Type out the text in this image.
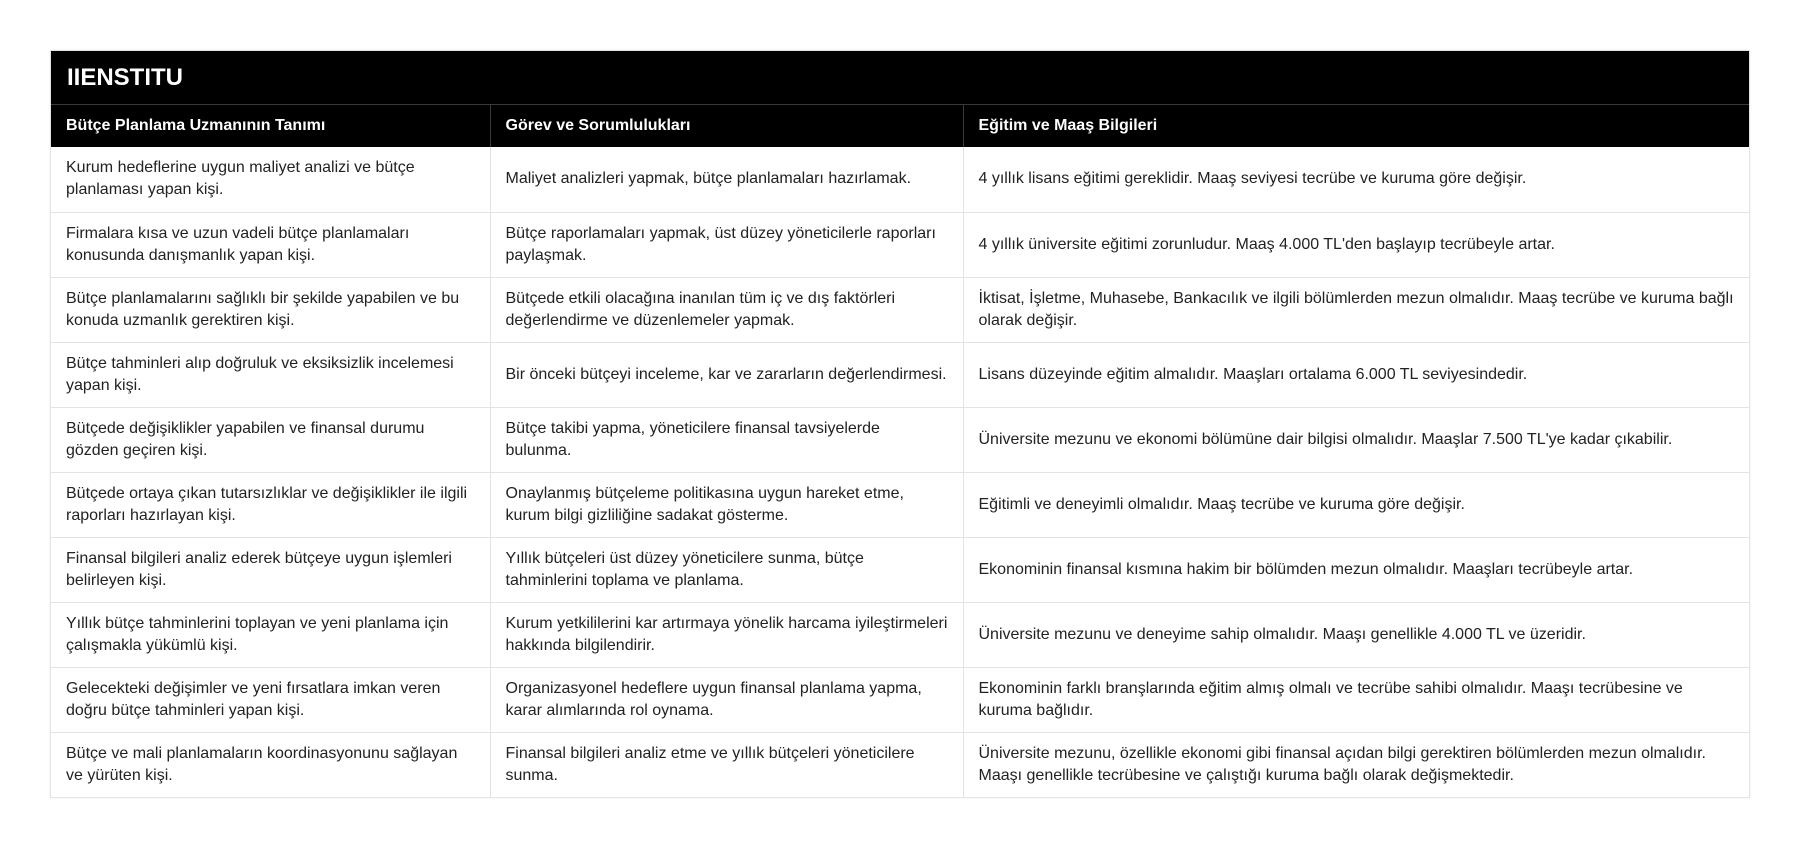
IIENSTITU
Bütçe Planlama Uzmanının Tanımı	Görev ve Sorumlulukları	Eğitim ve Maaş Bilgileri
Kurum hedeflerine uygun maliyet analizi ve bütçe planlaması yapan kişi.	Maliyet analizleri yapmak, bütçe planlamaları hazırlamak.	4 yıllık lisans eğitimi gereklidir. Maaş seviyesi tecrübe ve kuruma göre değişir.
Firmalara kısa ve uzun vadeli bütçe planlamaları konusunda danışmanlık yapan kişi.	Bütçe raporlamaları yapmak, üst düzey yöneticilerle raporları paylaşmak.	4 yıllık üniversite eğitimi zorunludur. Maaş 4.000 TL'den başlayıp tecrübeyle artar.
Bütçe planlamalarını sağlıklı bir şekilde yapabilen ve bu konuda uzmanlık gerektiren kişi.	Bütçede etkili olacağına inanılan tüm iç ve dış faktörleri değerlendirme ve düzenlemeler yapmak.	İktisat, İşletme, Muhasebe, Bankacılık ve ilgili bölümlerden mezun olmalıdır. Maaş tecrübe ve kuruma bağlı olarak değişir.
Bütçe tahminleri alıp doğruluk ve eksiksizlik incelemesi yapan kişi.	Bir önceki bütçeyi inceleme, kar ve zararların değerlendirmesi.	Lisans düzeyinde eğitim almalıdır. Maaşları ortalama 6.000 TL seviyesindedir.
Bütçede değişiklikler yapabilen ve finansal durumu gözden geçiren kişi.	Bütçe takibi yapma, yöneticilere finansal tavsiyelerde bulunma.	Üniversite mezunu ve ekonomi bölümüne dair bilgisi olmalıdır. Maaşlar 7.500 TL'ye kadar çıkabilir.
Bütçede ortaya çıkan tutarsızlıklar ve değişiklikler ile ilgili raporları hazırlayan kişi.	Onaylanmış bütçeleme politikasına uygun hareket etme, kurum bilgi gizliliğine sadakat gösterme.	Eğitimli ve deneyimli olmalıdır. Maaş tecrübe ve kuruma göre değişir.
Finansal bilgileri analiz ederek bütçeye uygun işlemleri belirleyen kişi.	Yıllık bütçeleri üst düzey yöneticilere sunma, bütçe tahminlerini toplama ve planlama.	Ekonominin finansal kısmına hakim bir bölümden mezun olmalıdır. Maaşları tecrübeyle artar.
Yıllık bütçe tahminlerini toplayan ve yeni planlama için çalışmakla yükümlü kişi.	Kurum yetkililerini kar artırmaya yönelik harcama iyileştirmeleri hakkında bilgilendirir.	Üniversite mezunu ve deneyime sahip olmalıdır. Maaşı genellikle 4.000 TL ve üzeridir.
Gelecekteki değişimler ve yeni fırsatlara imkan veren doğru bütçe tahminleri yapan kişi.	Organizasyonel hedeflere uygun finansal planlama yapma, karar alımlarında rol oynama.	Ekonominin farklı branşlarında eğitim almış olmalı ve tecrübe sahibi olmalıdır. Maaşı tecrübesine ve kuruma bağlıdır.
Bütçe ve mali planlamaların koordinasyonunu sağlayan ve yürüten kişi.	Finansal bilgileri analiz etme ve yıllık bütçeleri yöneticilere sunma.	Üniversite mezunu, özellikle ekonomi gibi finansal açıdan bilgi gerektiren bölümlerden mezun olmalıdır. Maaşı genellikle tecrübesine ve çalıştığı kuruma bağlı olarak değişmektedir.
